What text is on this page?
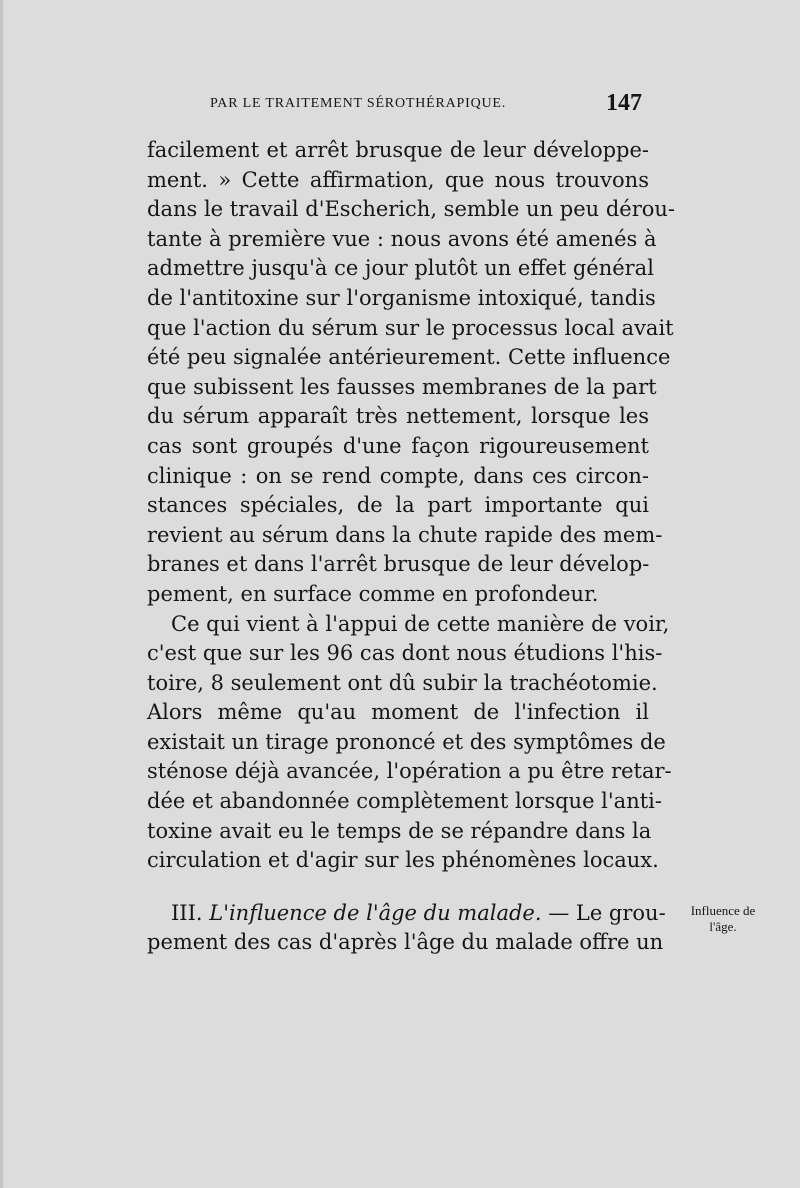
PAR LE TRAITEMENT SÉROTHÉRAPIQUE.	147
facilement et arrêt brusque de leur développe-
ment. » Cette affirmation, que nous trouvons
dans le travail d'Escherich, semble un peu dérou-
tante à première vue : nous avons été amenés à
admettre jusqu'à ce jour plutôt un effet général
de l'antitoxine sur l'organisme intoxiqué, tandis
que l'action du sérum sur le processus local avait
été peu signalée antérieurement. Cette influence
que subissent les fausses membranes de la part
du sérum apparaît très nettement, lorsque les
cas sont groupés d'une façon rigoureusement
clinique : on se rend compte, dans ces circon-
stances spéciales, de la part importante qui
revient au sérum dans la chute rapide des mem-
branes et dans l'arrêt brusque de leur dévelop-
pement, en surface comme en profondeur.
Ce qui vient à l'appui de cette manière de voir,
c'est que sur les 96 cas dont nous étudions l'his-
toire, 8 seulement ont dû subir la trachéotomie.
Alors même qu'au moment de l'infection il
existait un tirage prononcé et des symptômes de
sténose déjà avancée, l'opération a pu être retar-
dée et abandonnée complètement lorsque l'anti-
toxine avait eu le temps de se répandre dans la
circulation et d'agir sur les phénomènes locaux.
III. L'influence de l'âge du malade. — Le grou-
pement des cas d'après l'âge du malade offre un
Influence de
l'âge.
